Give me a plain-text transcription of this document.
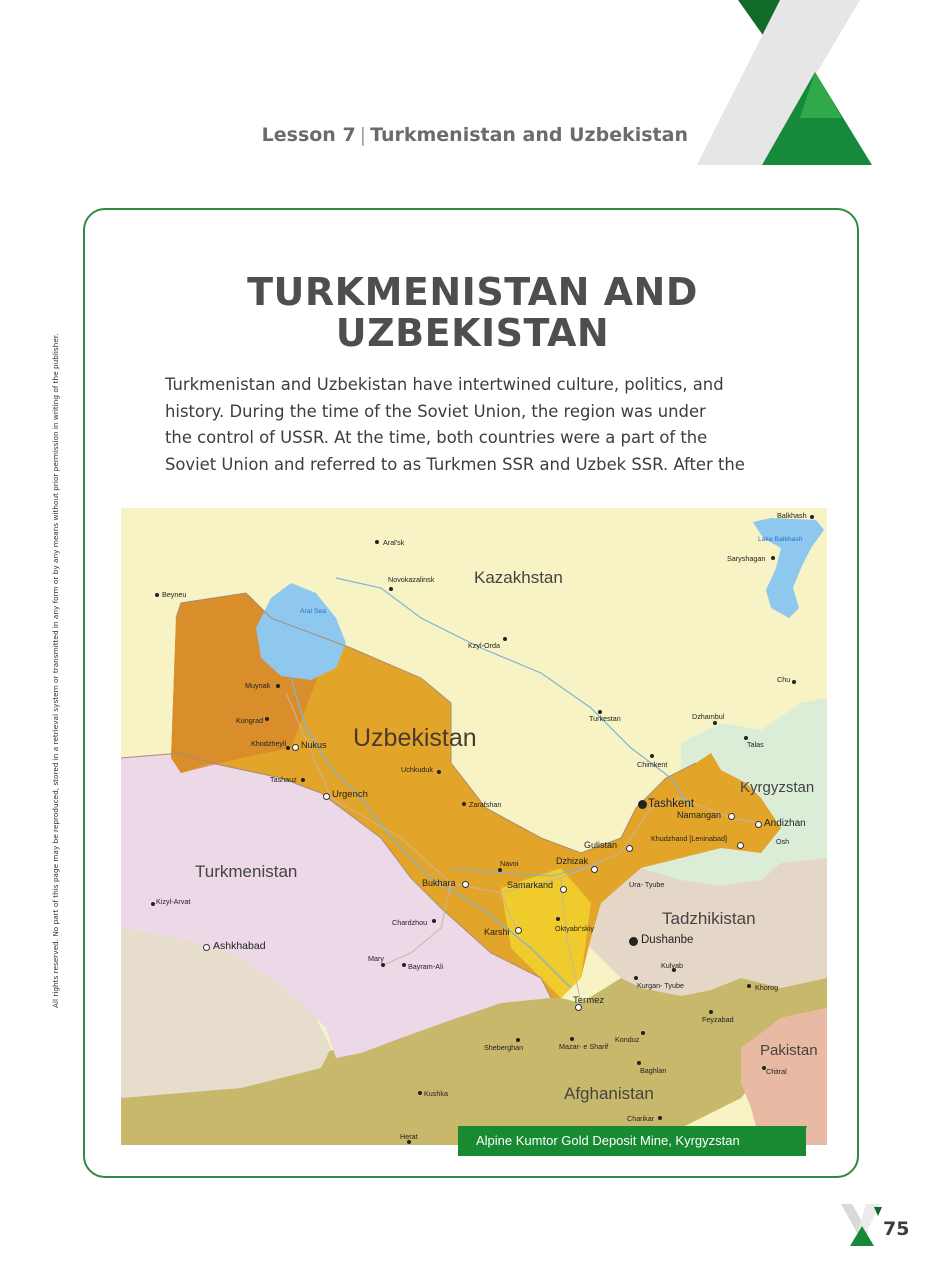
Lesson 7 | Turkmenistan and Uzbekistan
All rights reserved. No part of this page may be reproduced, stored in a retrieval system or transmitted in any form or by any means without prior permission in writing of the publisher.
TURKMENISTAN AND
UZBEKISTAN
Turkmenistan and Uzbekistan have intertwined culture, politics, and
history. During the time of the Soviet Union, the region was under
the control of USSR. At the time, both countries were a part of the
Soviet Union and referred to as Turkmen SSR and Uzbek SSR. After the
Kazakhstan
Uzbekistan
Turkmenistan
Kyrgyzstan
Tadzhikistan
Afghanistan
Pakistan
Aral Sea
Lake Balkhash
Aral'sk
Beyneu
Novokazalinsk
Kzyl-Orda
Balkhash
Saryshagan
Chu
Muynak
Kungrad
Khodzheyli Nukus
Tashauz
Urgench
Uchkuduk
Zarafshan
Turkestan	Dzhambul
Talas
Chimkent
Tashkent
Namangan
Andizhan
Osh
Khudzhand [Leninabad]
Gulistan
Dzhizak
Navoi
Ura- Tyube
Bukhara	Samarkand
Kizyl-Arvat
Ashkhabad
Chardzhou
Karshi	Oktyabr'skiy
Dushanbe
Mary
Bayram-Ali	Kulyab
Kurgan- Tyube	Khorog
Termez
Feyzabad
Sheberghan	Mazar- e Sharif
Konduz
Baghlan	Chitral
Kushka
Charikar
Herat	Alpine Kumtor Gold Deposit Mine, Kyrgyzstan
75
